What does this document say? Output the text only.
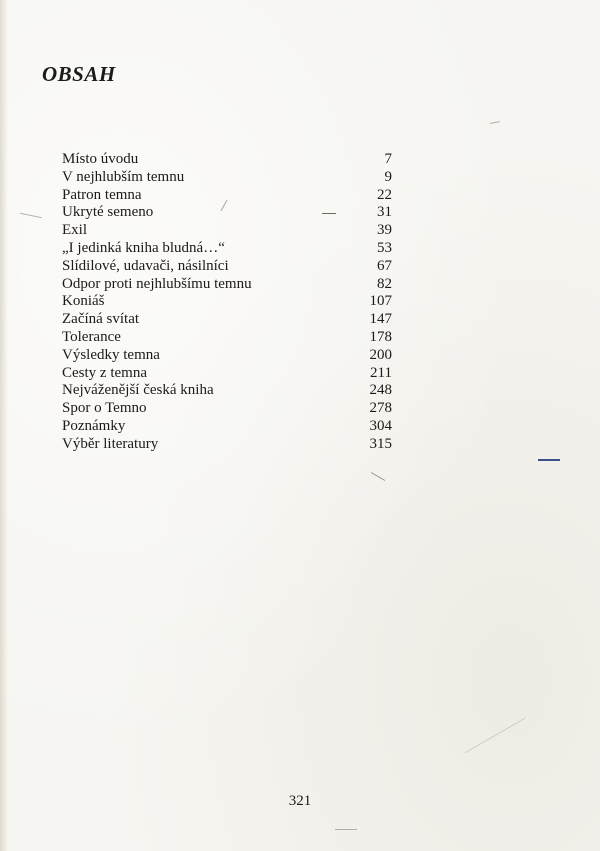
OBSAH
Místo úvodu	7
V nejhlubším temnu	9
Patron temna	22
Ukryté semeno	31
Exil	39
„I jedinká kniha bludná…“	53
Slídilové, udavači, násilníci	67
Odpor proti nejhlubšímu temnu	82
Koniáš	107
Začíná svítat	147
Tolerance	178
Výsledky temna	200
Cesty z temna	211
Nejváženější česká kniha	248
Spor o Temno	278
Poznámky	304
Výběr literatury	315

321
